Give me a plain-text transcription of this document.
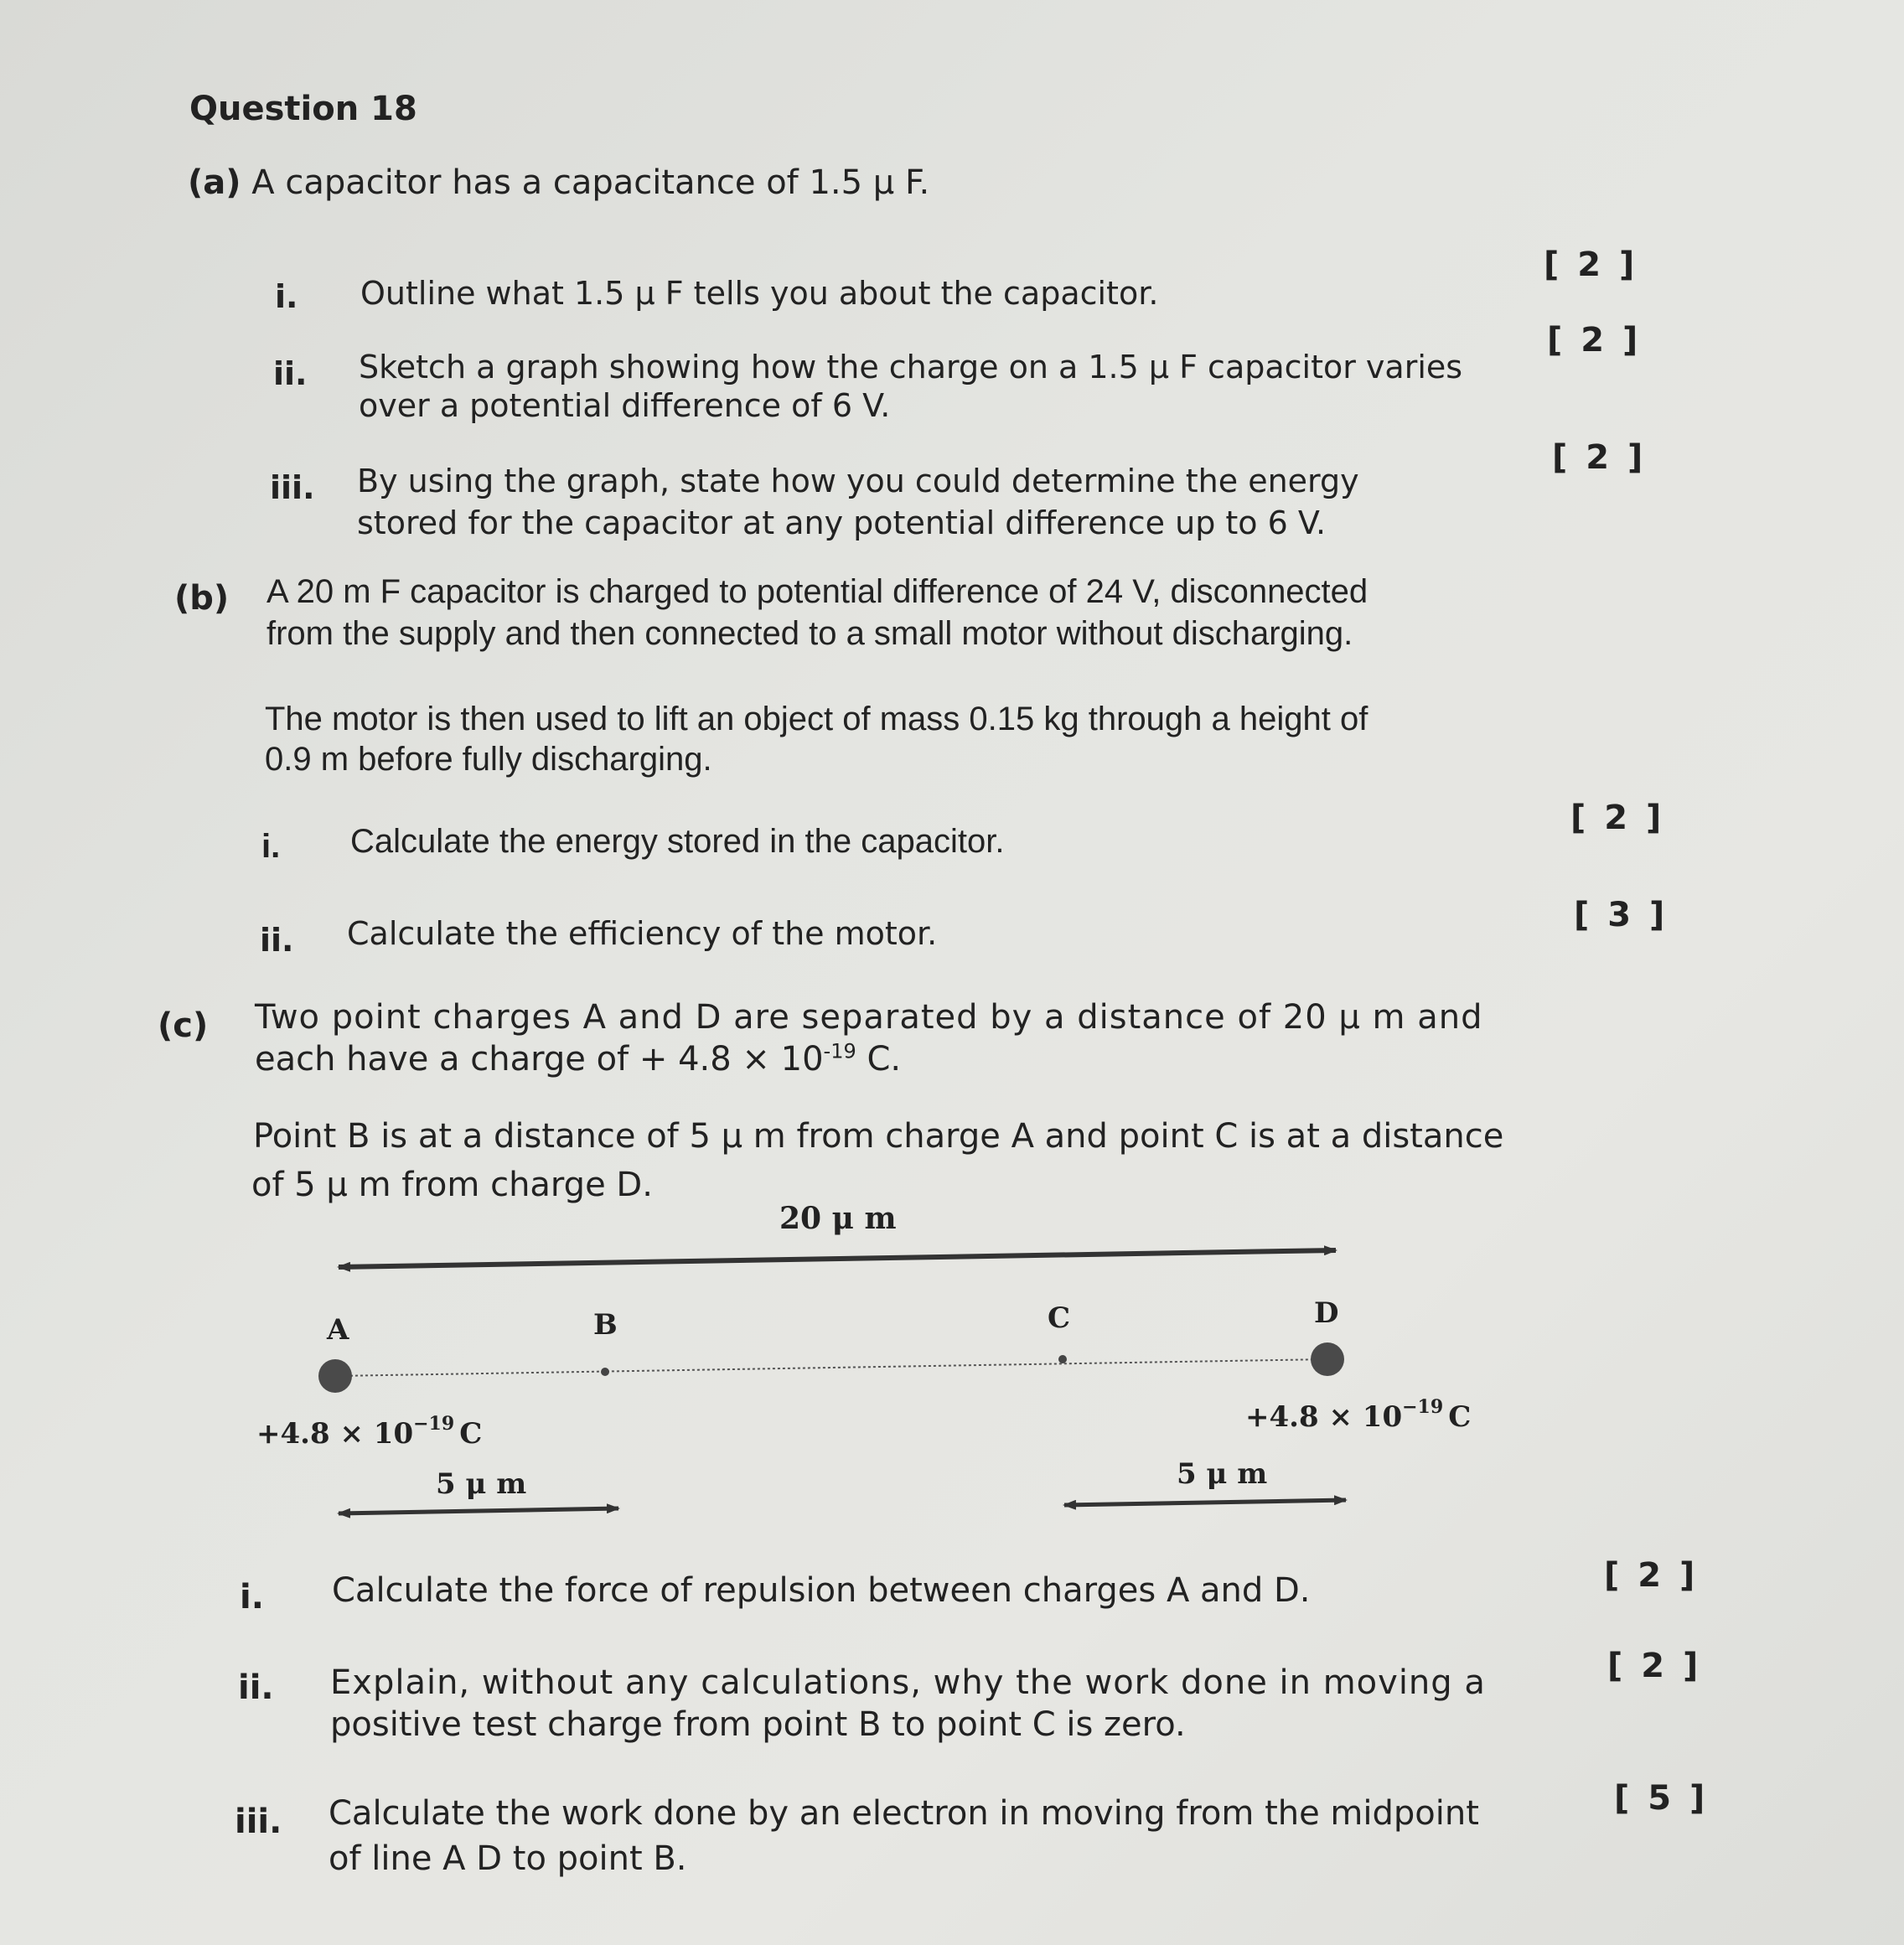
Question 18
(a) A capacitor has a capacitance of 1.5 μ F.
i. Outline what 1.5 μ F tells you about the capacitor.
[ 2 ]
ii. Sketch a graph showing how the charge on a 1.5 μ F capacitor varies
over a potential difference of 6 V.
[ 2 ]
iii. By using the graph, state how you could determine the energy
stored for the capacitor at any potential difference up to 6 V.
[ 2 ]
(b) A 20 m F capacitor is charged to potential difference of 24 V, disconnected
from the supply and then connected to a small motor without discharging.
The motor is then used to lift an object of mass 0.15 kg through a height of
0.9 m before fully discharging.
i. Calculate the energy stored in the capacitor.
[ 2 ]
ii. Calculate the efficiency of the motor.	[ 3 ]
(c) Two point charges A and D are separated by a distance of 20 μ m and
each have a charge of + $4.8 \times 10^{-19}$ C.
Point B is at a distance of 5 μ m from charge A and point C is at a distance
of 5 μ m from charge D.
20 μ m
A	B	C	D
$+4.8 \times 10^{-19}$ C	$+4.8 \times 10^{-19}$ C
5 μ m	5 μ m
i. Calculate the force of repulsion between charges A and D.	[ 2 ]
ii. Explain, without any calculations, why the work done in moving a
positive test charge from point B to point C is zero.
[ 2 ]
iii. Calculate the work done by an electron in moving from the midpoint
of line A D to point B.
[ 5 ]
